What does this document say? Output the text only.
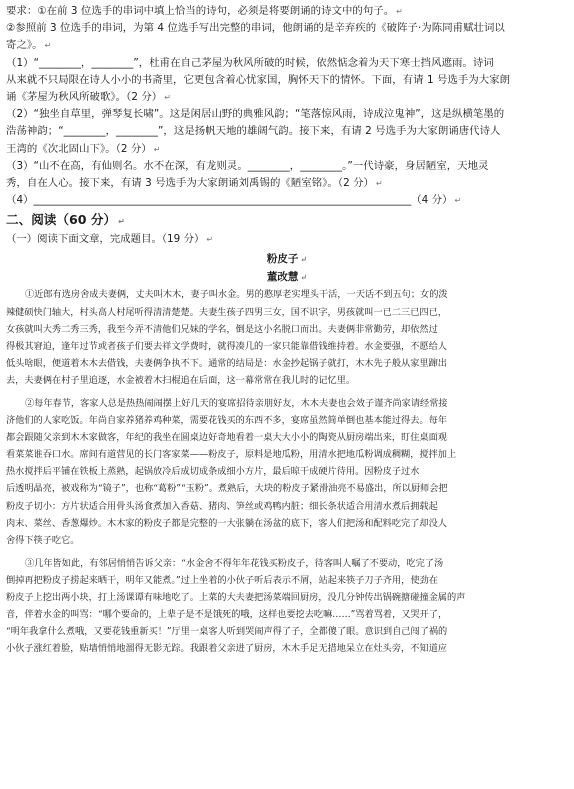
要求：①在前 3 位选手的串词中填上恰当的诗句，必须是将要朗诵的诗文中的句子。 ↵
②参照前 3 位选手的串词，为第 4 位选手写出完整的串词，他朗诵的是辛弃疾的《破阵子·为陈同甫赋壮词以
寄之》。 ↵
（1）“________，________”，杜甫在自己茅屋为秋风所破的时候，依然惦念着为天下寒士挡风遮雨。诗词
从来就不只局限在诗人小小的书斋里，它更包含着心忧家国，胸怀天下的情怀。下面，有请 1 号选手为大家朗
诵《茅屋为秋风所破歌》。（2 分） ↵
（2）“独坐自草里，弹琴复长啸”。这是闲居山野的典雅风韵；“笔落惊风雨，诗成泣鬼神”，这是纵横笔墨的
浩荡神韵；“________，________”，这是扬帆天地的雄阔气韵。接下来，有请 2 号选手为大家朗诵唐代诗人
王湾的《次北固山下》。（2 分） ↵
（3）“山不在高，有仙则名。水不在深，有龙则灵。________，________。”一代诗豪，身居陋室，天地灵
秀，自在人心。接下来，有请 3 号选手为大家朗诵刘禹锡的《陋室铭》。（2 分） ↵
（4）________________________________________________________________________（4 分） ↵
二、阅读（60 分） ↵
（一）阅读下面文章，完成题目。（19 分） ↵
粉皮子 ↵
董改慧 ↵
①近郎有选房舍成夫妻俩，丈夫叫木木，妻子叫水金。男的憨厚老实埋头干活，一天话不到五句；女的泼
辣健硕快门轴大，村头高人村尾听得清清楚楚。夫妻生孩子四男三女，国不识字，男孩就叫一已二三已四已，
女孩就叫大秀二秀三秀，我至今弄不清他们兄妹的学名，倒是这小名脱口而出。夫妻俩非常勤劳，却依然过
得极其窘迫，逢年过节或者孩子们要去祥文学费时，就得凑几的一家只能靠借钱维持着。水金要强，不愿给人
低头啥眼，便道着木木去借钱，夫妻俩争执不下。通常的结局是：水金抄起锅子就打，木木先子般从家里蹿出
去，夫妻俩在村子里追逐，水金被着木扫棍追在后面，这一幕常常在我儿时的记忆里。
②每年春节，客家人总是热热闹闹摆上好几天的宴席招待亲朋好友，木木夫妻也会效子谨齐尚家请经常接
济他们的人家吃饭。年尚自家养猪养鸡种菜，需要花钱买的东西不多，宴席虽然简单倒也基本能过得去。每年
都会跟随父亲到木木家做客，年纪的我坐在圆桌边好奇地看着一桌大大小小的陶瓷从厨房端出来，盯住桌面观
看菜菜谁吞口水。席间有道营见的长门客家菜——粉皮子，原料是地瓜粉，用清水把地瓜粉调成稠糊，搅拌加上
热水搅拌后平铺在铁板上蒸熟，起锅放冷后成切成条成细小方片，最后晾干成硬片待用。因粉皮子过水
后透明晶亮，被戏称为“镜子”，也称“葛粉”“玉粉”。煮熟后，大块的粉皮子紧滑油亮不易盛出，所以厨师会把
粉皮子切小：方片状适合用骨头汤食煮加入香菇、猪肉、笋丝或鸡鸭内脏；细长条状适合用清水煮后拥载起
肉末、菜丝、香葱爆炒。木木家的粉皮子都是完整的一大张躺在汤盆的底下，客人们把汤和配料吃完了却没人
舍得下筷子吃它。
③几年皆如此，有邻居悄悄告诉父亲：“水金舍不得年年花钱买粉皮子，待客叫人嘱了不要动，吃完了汤
倒掉再把粉皮子捞起来晒干，明年又能煮。”过上坐着的小伙子听后表示不屑，站起来筷子刀子齐用，使劲在
粉皮子上挖出两小块，打上汤课谭有味地吃了。上菜的大夫妻把汤菜端回厨房，没几分钟传出锅碗搪碰撞金属的声
音，伴着水金的叫骂：“哪个要命的，上辈子是不是饿死的哦，这样也要挖去吃嘛……”骂着骂着，又哭开了，
“明年我拿什么煮哦，又要花钱重新买！”厅里一桌客人听到哭闹声得了子，全都傻了眼。意识到自己闯了祸的
小伙子涨红着脸，贴墙悄悄地溜得无影无踪。我跟着父亲进了厨房，木木手足无措地呆立在灶头旁，不知道应
